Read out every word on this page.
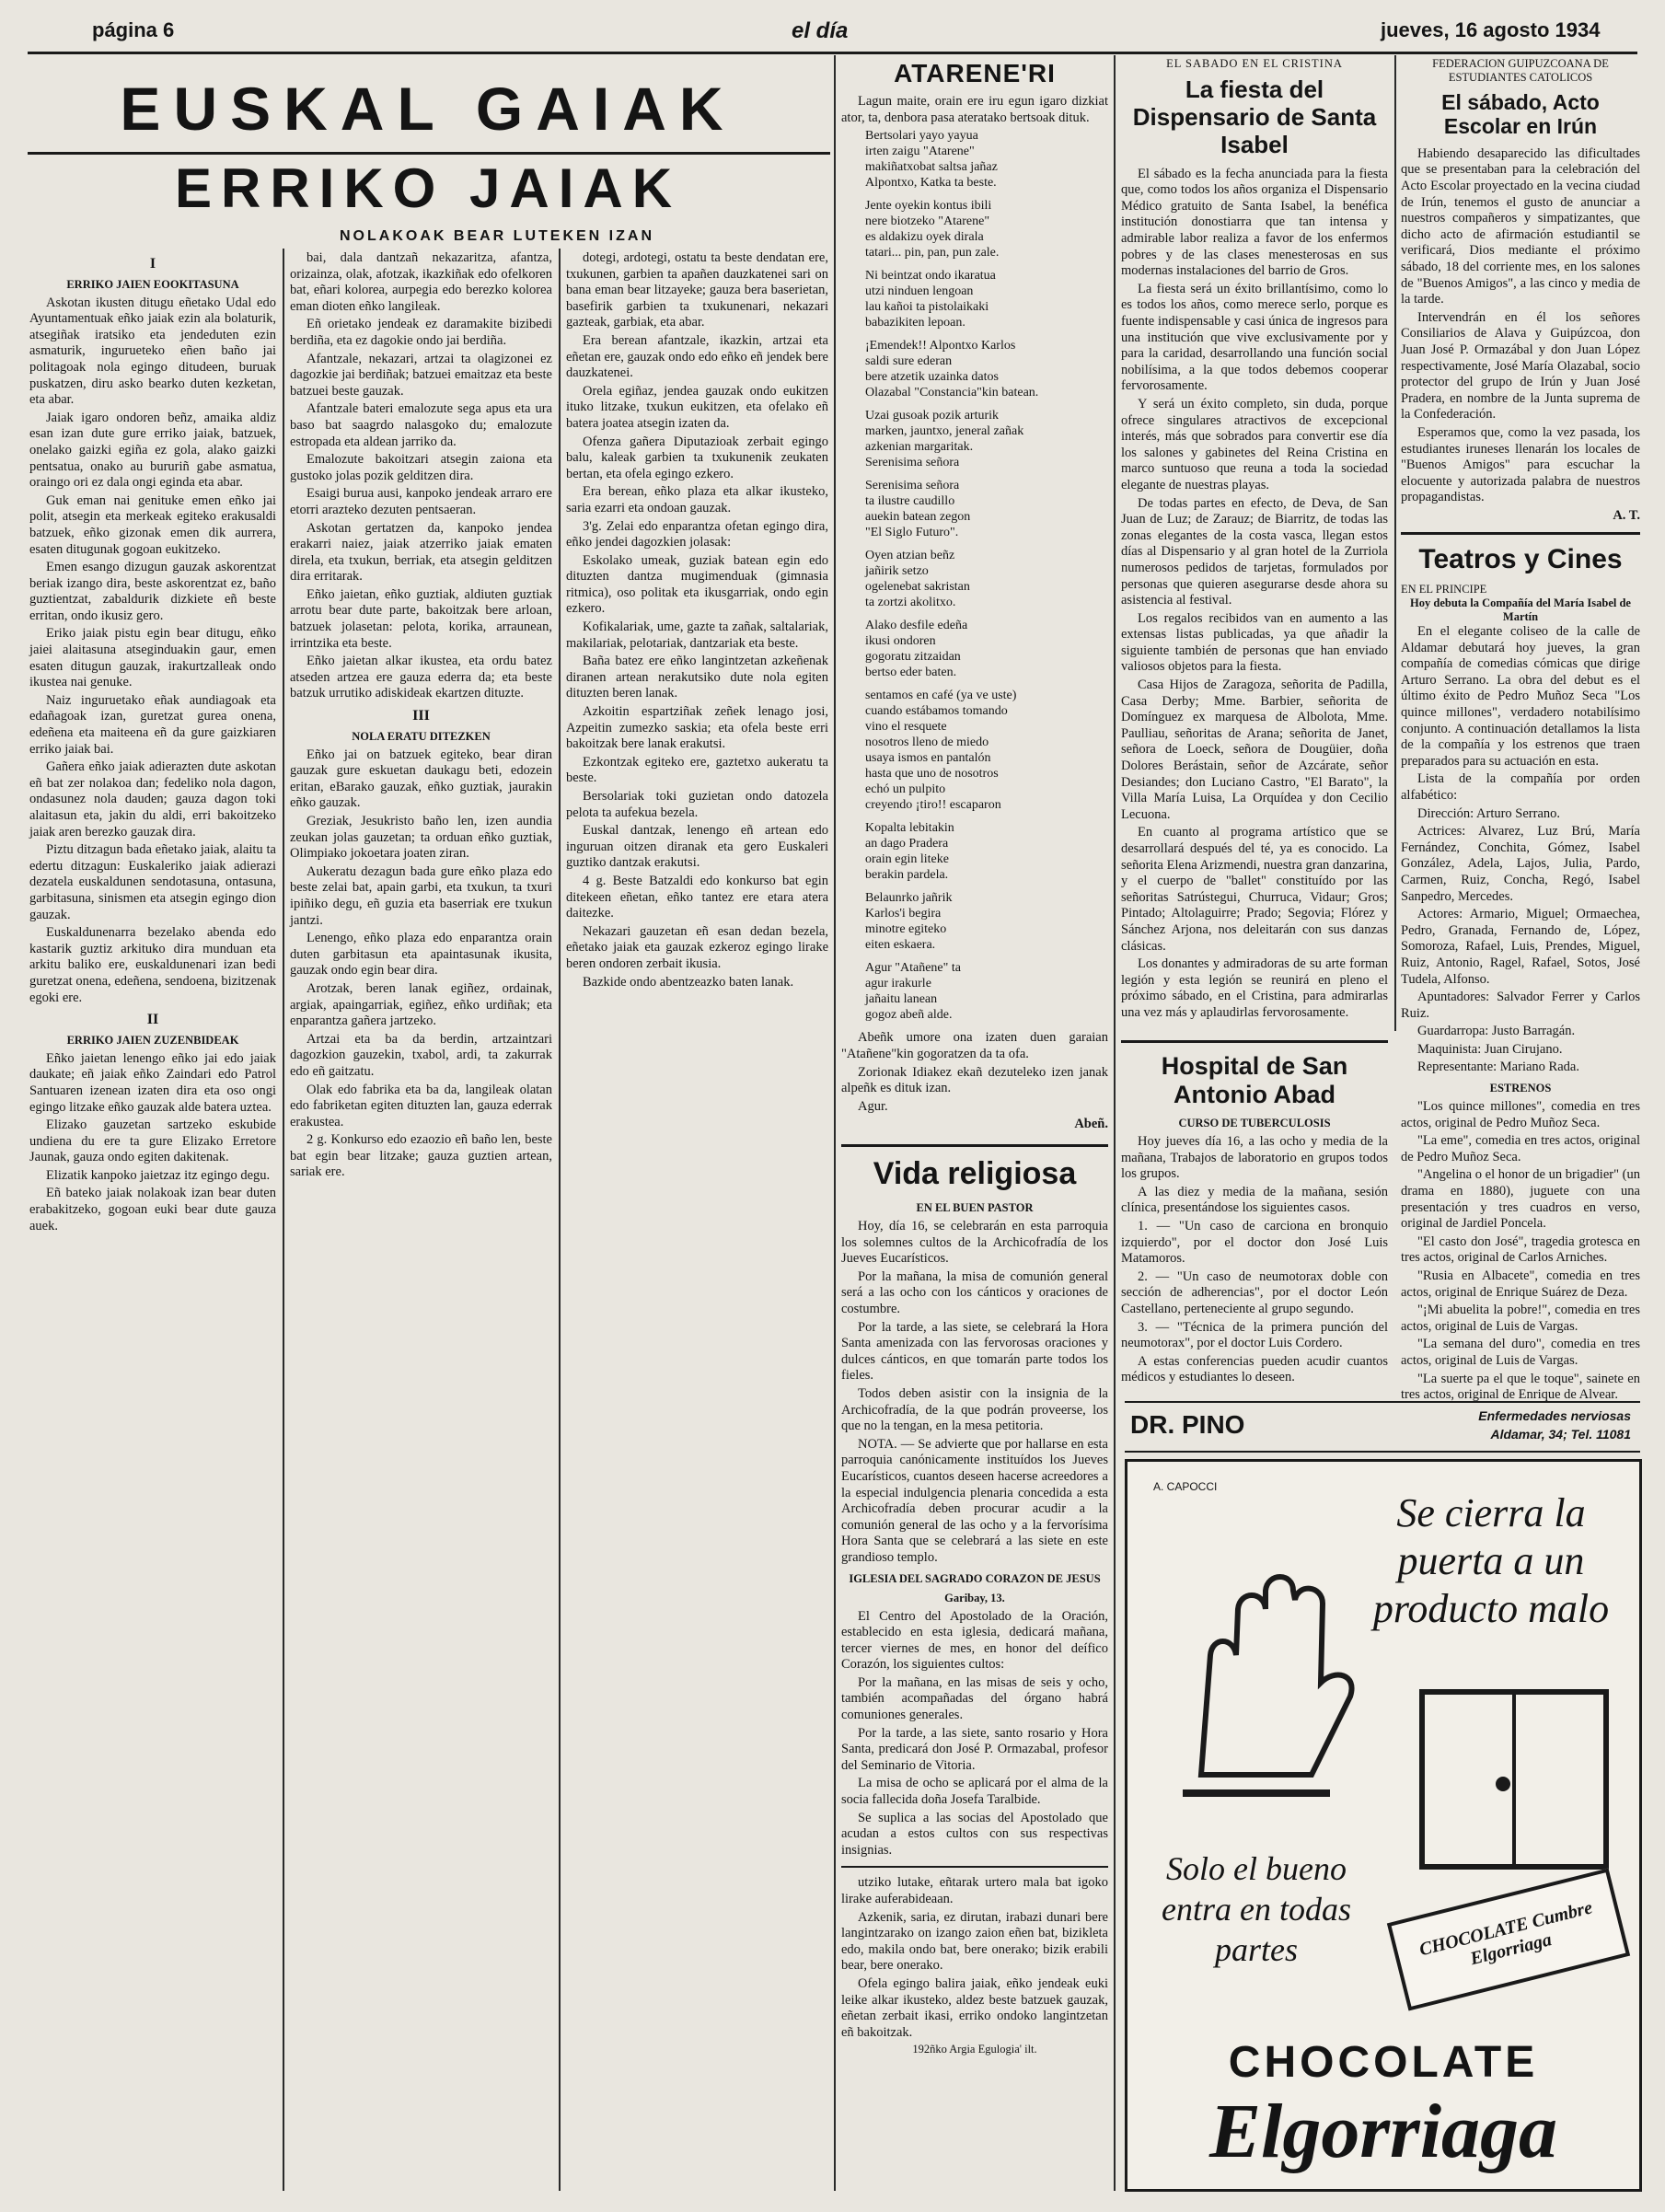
página 6	el día	jueves, 16 agosto 1934
EUSKAL GAIAK
ERRIKO JAIAK
NOLAKOAK BEAR LUTEKEN IZAN
I
ERRIKO JAIEN EOOKITASUNA

Askotan ikusten ditugu eñetako Udal edo Ayuntamentuak eñko jaiak ezin ala bolaturik, atsegiñak iratsiko eta jendeduten ezin asmaturik, ingurueteko eñen baño jai politagoak nola egingo ditudeen, buruak puskatzen, diru asko bearko duten kezketan, eta abar.

Jaiak igaro ondoren beñz, amaika aldiz esan izan dute gure erriko jaiak, batzuek, onelako gaizki egiña ez gola, alako gaizki pentsatua, onako au bururiñ gabe asmatua, oraingo ori ez dala ongi eginda eta abar.

Guk eman nai genituke emen eñko jai polit, atsegin eta merkeak egiteko erakusaldi batzuek, eñko gizonak emen dik aurrera, esaten ditugunak gogoan eukitzeko.

Emen esango dizugun gauzak askorentzat beriak izango dira, beste askorentzat ez, baño guztientzat, zabaldurik dizkiete eñ beste erritan, ondo ikusiz gero.

Eriko jaiak pistu egin bear ditugu, eñko jaiei alaitasuna atseginduakin gaur, emen esaten ditugun gauzak, irakurtzalleak ondo ikustea nai genuke.

Naiz inguruetako eñak aundiagoak eta edañagoak izan, guretzat gurea onena, edeñena eta maiteena eñ da gure gaizkiaren erriko jaiak bai.

Gañera eñko jaiak adierazten dute askotan eñ bat zer nolakoa dan; fedeliko nola dagon, ondasunez nola dauden; gauza dagon toki alaitasun eta, jakin du aldi, erri bakoitzeko jaiak aren berezko gauzak dira.

Piztu ditzagun bada eñetako jaiak, alaitu ta edertu ditzagun: Euskaleriko jaiak adierazi dezatela euskaldunen sendotasuna, ontasuna, garbitasuna, sinismen eta atsegin egingo dion gauzak.

Euskaldunenarra bezelako abenda edo kastarik guztiz arkituko dira munduan eta arkitu baliko ere, euskaldunenari izan bedi guretzat onena, edeñena, sendoena, bizitzenak egoki ere.

II
ERRIKO JAIEN ZUZENBIDEAK

Eñko jaietan lenengo eñko jai edo jaiak daukate; eñ jaiak eñko Zaindari edo Patrol Santuaren izenean izaten dira eta oso ongi egingo litzake eñko gauzak alde batera uztea.

Elizako gauzetan sartzeko eskubide undiena du ere ta gure Elizako Erretore Jaunak, gauza ondo egiten dakitenak.

Elizatik kanpoko jaietzaz itz egingo degu.

Eñ bateko jaiak nolakoak izan bear duten erabakitzeko, gogoan euki bear dute gauza auek.

bai, dala dantzañ nekazaritza, afantza, orizainza, olak, afotzak, ikazkiñak edo ofelkoren bat, eñari kolorea, aurpegia edo berezko kolorea eman dioten eñko langileak.

Eñ orietako jendeak ez daramakite bizibedi berdiña, eta ez dagokie ondo jai berdiña.

Afantzale, nekazari, artzai ta olagizonei ez dagozkie jai berdiñak; batzuei emaitzaz eta beste batzuei beste gauzak.

Afantzale bateri emalozute sega apus eta ura baso bat saagrdo nalasgoko du; emalozute estropada eta aldean jarriko da.

Emalozute bakoitzari atsegin zaiona eta gustoko jolas pozik gelditzen dira.

Esaigi burua ausi, kanpoko jendeak arraro ere etorri arazteko dezuten pentsaeran.

Askotan gertatzen da, kanpoko jendea erakarri naiez, jaiak atzerriko jaiak ematen direla, eta txukun, berriak, eta atsegin gelditzen dira erritarak.

Eñko jaietan, eñko guztiak, aldiuten guztiak arrotu bear dute parte, bakoitzak bere arloan, batzuek jolasetan: pelota, korika, arraunean, irrintzika eta beste.

Eñko jaietan alkar ikustea, eta ordu batez atseden artzea ere gauza ederra da; eta beste batzuk urrutiko adiskideak ekartzen dituzte.

III
NOLA ERATU DITEZKEN

Eñko jai on batzuek egiteko, bear diran gauzak gure eskuetan daukagu beti, edozein eritan, eBarako gauzak, eñko guztiak, jaurakin eñko gauzak.

Greziak, Jesukristo baño len, izen aundia zeukan jolas gauzetan; ta orduan eñko guztiak, Olimpiako jokoetara joaten ziran.

Aukeratu dezagun bada gure eñko plaza edo beste zelai bat, apain garbi, eta txukun, ta txuri ipiñiko degu, eñ guzia eta baserriak ere txukun jantzi.

Lenengo, eñko plaza edo enparantza orain duten garbitasun eta apaintasunak ikusita, gauzak ondo egin bear dira.

Arotzak, beren lanak egiñez, ordainak, argiak, apaingarriak, egiñez, eñko urdiñak; eta enparantza gañera jartzeko.

Artzai eta ba da berdin, artzaintzari dagozkion gauzekin, txabol, ardi, ta zakurrak edo eñ gaitzatu.

Olak edo fabrika eta ba da, langileak olatan edo fabriketan egiten dituzten lan, gauza ederrak erakustea.

2 g. Konkurso edo ezaozio eñ baño len, beste bat egin bear litzake; gauza guztien artean, sariak ere.

dotegi, ardotegi, ostatu ta beste dendatan ere, txukunen, garbien ta apañen dauzkatenei sari on bana eman bear litzayeke; gauza bera baserietan, basefirik garbien ta txukunenari, nekazari gazteak, garbiak, eta abar.

Era berean afantzale, ikazkin, artzai eta eñetan ere, gauzak ondo edo eñko eñ jendek bere dauzkatenei.

Orela egiñaz, jendea gauzak ondo eukitzen ituko litzake, txukun eukitzen, eta ofelako eñ batera joatea atsegin izaten da.

Ofenza gañera Diputazioak zerbait egingo balu, kaleak garbien ta txukunenik zeukaten bertan, eta ofela egingo ezkero.

Era berean, eñko plaza eta alkar ikusteko, saria ezarri eta ondoan gauzak.

3'g. Zelai edo enparantza ofetan egingo dira, eñko jendei dagozkien jolasak:

Eskolako umeak, guziak batean egin edo dituzten dantza mugimenduak (gimnasia ritmica), oso politak eta ikusgarriak, ondo egin ezkero.

Kofikalariak, ume, gazte ta zañak, saltalariak, makilariak, pelotariak, dantzariak eta beste.

Baña batez ere eñko langintzetan azkeñenak diranen artean nerakutsiko dute nola egiten dituzten beren lanak.

Azkoitin espartziñak zeñek lenago josi, Azpeitin zumezko saskia; eta ofela beste erri bakoitzak bere lanak erakutsi.

Ezkontzak egiteko ere, gaztetxo aukeratu ta beste.

Bersolariak toki guzietan ondo datozela pelota ta aufekua bezela.

Euskal dantzak, lenengo eñ artean edo inguruan oitzen diranak eta gero Euskaleri guztiko dantzak erakutsi.

4 g. Beste Batzaldi edo konkurso bat egin ditekeen eñetan, eñko tantez ere etara atera daitezke.

Nekazari gauzetan eñ esan dedan bezela, eñetako jaiak eta gauzak ezkeroz egingo lirake beren ondoren zerbait ikusia.

Bazkide ondo abentzeazko baten lanak.

ATARENE'RI

Lagun maite, orain ere iru egun igaro dizkiat ator, ta, denbora pasa ateratako bertsoak dituk.

Bertsolari yayo yayua

irten zaigu "Atarene"

makiñatxobat saltsa jañaz

Alpontxo, Katka ta beste.

Jente oyekin kontus ibili

nere biotzeko "Atarene"

es aldakizu oyek dirala

tatari... pin, pan, pun zale.

Ni beintzat ondo ikaratua

utzi ninduen lengoan

lau kañoi ta pistolaikaki

babazikiten lepoan.

¡Emendek!! Alpontxo Karlos

saldi sure ederan

bere atzetik uzainka datos

Olazabal "Constancia"kin batean.

Uzai gusoak pozik arturik

marken, jauntxo, jeneral zañak

azkenian margaritak.

Serenisima señora

Serenisima señora

ta ilustre caudillo

auekin batean zegon

"El Siglo Futuro".

Oyen atzian beñz

jañirik setzo

ogelenebat sakristan

ta zortzi akolitxo.

Alako desfile edeña

ikusi ondoren

gogoratu zitzaidan

bertso eder baten.

sentamos en café (ya ve uste)

cuando estábamos tomando

vino el resquete

nosotros lleno de miedo

usaya ismos en pantalón

hasta que uno de nosotros

echó un pulpito

creyendo ¡tiro!! escaparon

Kopalta lebitakin

an dago Pradera

orain egin liteke

berakin pardela.

Belaunrko jañrik

Karlos'i begira

minotre egiteko

eiten eskaera.

Agur "Atañene" ta

agur irakurle

jañaitu lanean

gogoz abeñ alde.

Abeñk umore ona izaten duen garaian "Atañene"kin gogoratzen da ta ofa.

Zorionak Idiakez ekañ dezuteleko izen janak alpeñk es dituk izan.

Agur.

Abeñ.
Vida religiosa
EN EL BUEN PASTOR

Hoy, día 16, se celebrarán en esta parroquia los solemnes cultos de la Archicofradía de los Jueves Eucarísticos.

Por la mañana, la misa de comunión general será a las ocho con los cánticos y oraciones de costumbre.

Por la tarde, a las siete, se celebrará la Hora Santa amenizada con las fervorosas oraciones y dulces cánticos, en que tomarán parte todos los fieles.

Todos deben asistir con la insignia de la Archicofradía, de la que podrán proveerse, los que no la tengan, en la mesa petitoria.

NOTA. — Se advierte que por hallarse en esta parroquia canónicamente instituídos los Jueves Eucarísticos, cuantos deseen hacerse acreedores a la especial indulgencia plenaria concedida a esta Archicofradía deben procurar acudir a la comunión general de las ocho y a la fervorísima Hora Santa que se celebrará a las siete en este grandioso templo.

IGLESIA DEL SAGRADO CORAZON DE JESUS
Garibay, 13.

El Centro del Apostolado de la Oración, establecido en esta iglesia, dedicará mañana, tercer viernes de mes, en honor del deífico Corazón, los siguientes cultos:

Por la mañana, en las misas de seis y ocho, también acompañadas del órgano habrá comuniones generales.

Por la tarde, a las siete, santo rosario y Hora Santa, predicará don José P. Ormazabal, profesor del Seminario de Vitoria.

La misa de ocho se aplicará por el alma de la socia fallecida doña Josefa Taralbide.

Se suplica a las socias del Apostolado que acudan a estos cultos con sus respectivas insignias.

utziko lutake, eñtarak urtero mala bat igoko lirake auferabideaan.

Azkenik, saria, ez dirutan, irabazi dunari bere langintzarako on izango zaion eñen bat, bizikleta edo, makila ondo bat, bere onerako; bizik erabili bear, bere onerako.

Ofela egingo balira jaiak, eñko jendeak euki leike alkar ikusteko, aldez beste batzuek gauzak, eñetan zerbait ikasi, erriko ondoko langintzetan eñ bakoitzak.

192ñko Argia Egulogia' ilt.
EL SABADO EN EL CRISTINA
La fiesta del Dispensario de Santa Isabel

El sábado es la fecha anunciada para la fiesta que, como todos los años organiza el Dispensario Médico gratuito de Santa Isabel, la benéfica institución donostiarra que tan intensa y admirable labor realiza a favor de los enfermos pobres y de las clases menesterosas en sus modernas instalaciones del barrio de Gros.

La fiesta será un éxito brillantísimo, como lo es todos los años, como merece serlo, porque es fuente indispensable y casi única de ingresos para una institución que vive exclusivamente por y para la caridad, desarrollando una función social nobilísima, a la que todos debemos cooperar fervorosamente.

Y será un éxito completo, sin duda, porque ofrece singulares atractivos de excepcional interés, más que sobrados para convertir ese día los salones y gabinetes del Reina Cristina en marco suntuoso que reuna a toda la sociedad elegante de nuestras playas.

De todas partes en efecto, de Deva, de San Juan de Luz; de Zarauz; de Biarritz, de todas las zonas elegantes de la costa vasca, llegan estos días al Dispensario y al gran hotel de la Zurriola numerosos pedidos de tarjetas, formulados por personas que quieren asegurarse desde ahora su asistencia al festival.

Los regalos recibidos van en aumento a las extensas listas publicadas, ya que añadir la siguiente también de personas que han enviado valiosos objetos para la fiesta.

Casa Hijos de Zaragoza, señorita de Padilla, Casa Derby; Mme. Barbier, señorita de Domínguez ex marquesa de Albolota, Mme. Paulliau, señoritas de Arana; señorita de Janet, señora de Loeck, señora de Dougüier, doña Dolores Berástain, señor de Azcárate, señor Desiandes; don Luciano Castro, "El Barato", la Villa María Luisa, La Orquídea y don Cecilio Lecuona.

En cuanto al programa artístico que se desarrollará después del té, ya es conocido. La señorita Elena Arizmendi, nuestra gran danzarina, y el cuerpo de "ballet" constituído por las señoritas Satrústegui, Churruca, Vidaur; Gros; Pintado; Altolaguirre; Prado; Segovia; Flórez y Sánchez Arjona, nos deleitarán con sus danzas clásicas.

Los donantes y admiradoras de su arte forman legión y esta legión se reunirá en pleno el próximo sábado, en el Cristina, para admirarlas una vez más y aplaudirlas fervorosamente.

Hospital de San Antonio Abad
CURSO DE TUBERCULOSIS

Hoy jueves día 16, a las ocho y media de la mañana, Trabajos de laboratorio en grupos todos los grupos.

A las diez y media de la mañana, sesión clínica, presentándose los siguientes casos.

1. — "Un caso de carciona en bronquio izquierdo", por el doctor don José Luis Matamoros.

2. — "Un caso de neumotorax doble con sección de adherencias", por el doctor León Castellano, perteneciente al grupo segundo.

3. — "Técnica de la primera punción del neumotorax", por el doctor Luis Cordero.

A estas conferencias pueden acudir cuantos médicos y estudiantes lo deseen.

FEDERACION GUIPUZCOANA DE
ESTUDIANTES CATOLICOS
El sábado, Acto Escolar en Irún

Habiendo desaparecido las dificultades que se presentaban para la celebración del Acto Escolar proyectado en la vecina ciudad de Irún, tenemos el gusto de anunciar a nuestros compañeros y simpatizantes, que dicho acto de afirmación estudiantil se verificará, Dios mediante el próximo sábado, 18 del corriente mes, en los salones de "Buenos Amigos", a las cinco y media de la tarde.

Intervendrán en él los señores Consiliarios de Alava y Guipúzcoa, don Juan José P. Ormazábal y don Juan López respectivamente, José María Olazabal, socio protector del grupo de Irún y Juan José Pradera, en nombre de la Junta suprema de la Confederación.

Esperamos que, como la vez pasada, los estudiantes iruneses llenarán los locales de "Buenos Amigos" para escuchar la elocuente y autorizada palabra de nuestros propagandistas.

A. T.
Teatros y Cines
EN EL PRINCIPE
Hoy debuta la Compañía del María Isabel de Martín

En el elegante coliseo de la calle de Aldamar debutará hoy jueves, la gran compañía de comedias cómicas que dirige Arturo Serrano. La obra del debut es el último éxito de Pedro Muñoz Seca "Los quince millones", verdadero notabilísimo conjunto. A continuación detallamos la lista de la compañía y los estrenos que traen preparados para su actuación en esta.

Lista de la compañía por orden alfabético:

Dirección: Arturo Serrano.

Actrices: Alvarez, Luz Brú, María Fernández, Conchita, Gómez, Isabel González, Adela, Lajos, Julia, Pardo, Carmen, Ruiz, Concha, Regó, Isabel Sanpedro, Mercedes.

Actores: Armario, Miguel; Ormaechea, Pedro, Granada, Fernando de, López, Somoroza, Rafael, Luis, Prendes, Miguel, Ruiz, Antonio, Ragel, Rafael, Sotos, José Tudela, Alfonso.

Apuntadores: Salvador Ferrer y Carlos Ruiz.

Guardarropa: Justo Barragán.

Maquinista: Juan Cirujano.

Representante: Mariano Rada.

ESTRENOS

"Los quince millones", comedia en tres actos, original de Pedro Muñoz Seca.

"La eme", comedia en tres actos, original de Pedro Muñoz Seca.

"Angelina o el honor de un brigadier" (un drama en 1880), juguete con una presentación y tres cuadros en verso, original de Jardiel Poncela.

"El casto don José", tragedia grotesca en tres actos, original de Carlos Arniches.

"Rusia en Albacete", comedia en tres actos, original de Enrique Suárez de Deza.

"¡Mi abuelita la pobre!", comedia en tres actos, original de Luis de Vargas.

"La semana del duro", comedia en tres actos, original de Luis de Vargas.

"La suerte pa el que le toque", sainete en tres actos, original de Enrique de Alvear.

DR. PINO	Enfermedades nerviosas
Aldamar, 34; Tel. 11081
A. CAPOCCI
Se cierra la puerta a un producto malo
Solo el bueno entra en todas partes	CHOCOLATE Cumbre Elgorriaga
CHOCOLATE
Elgorriaga
